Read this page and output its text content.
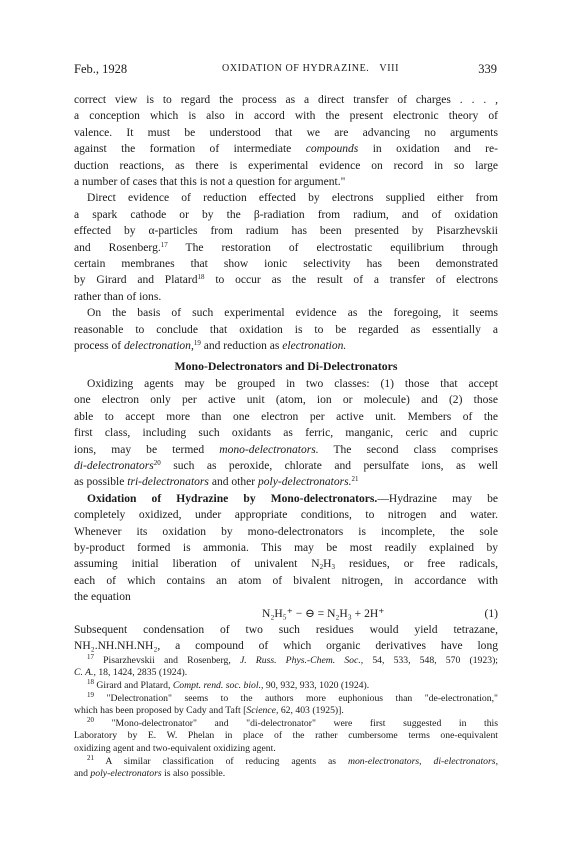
Feb., 1928	OXIDATION OF HYDRAZINE. VIII	339

correct view is to regard the process as a direct transfer of charges . . . ,
a conception which is also in accord with the present electronic theory of
valence. It must be understood that we are advancing no arguments
against the formation of intermediate compounds in oxidation and re-
duction reactions, as there is experimental evidence on record in so large
a number of cases that this is not a question for argument."

Direct evidence of reduction effected by electrons supplied either from
a spark cathode or by the β-radiation from radium, and of oxidation
effected by α-particles from radium has been presented by Pisarzhevskii
and Rosenberg.$^{17}$ The restoration of electrostatic equilibrium through
certain membranes that show ionic selectivity has been demonstrated
by Girard and Platard$^{18}$ to occur as the result of a transfer of electrons
rather than of ions.

On the basis of such experimental evidence as the foregoing, it seems
reasonable to conclude that oxidation is to be regarded as essentially a
process of delectronation,$^{19}$ and reduction as electronation.

Mono-Delectronators and Di-Delectronators

Oxidizing agents may be grouped in two classes: (1) those that accept
one electron only per active unit (atom, ion or molecule) and (2) those
able to accept more than one electron per active unit. Members of the
first class, including such oxidants as ferric, manganic, ceric and cupric
ions, may be termed mono-delectronators. The second class comprises
di-delectronators$^{20}$ such as peroxide, chlorate and persulfate ions, as well
as possible tri-delectronators and other poly-delectronators.$^{21}$

Oxidation of Hydrazine by Mono-delectronators.—Hydrazine may be
completely oxidized, under appropriate conditions, to nitrogen and water.
Whenever its oxidation by mono-delectronators is incomplete, the sole
by-product formed is ammonia. This may be most readily explained by
assuming initial liberation of univalent $N_2H_3$ residues, or free radicals,
each of which contains an atom of bivalent nitrogen, in accordance with
the equation

N₂H₅⁺ − ⊖ = N₂H₃ + 2H⁺	(1)

Subsequent condensation of two such residues would yield tetrazane,
NH₂.NH.NH.NH₂, a compound of which organic derivatives have long

$^{17}$ Pisarzhevskii and Rosenberg, J. Russ. Phys.-Chem. Soc., 54, 533, 548, 570 (1923);
C. A., 18, 1424, 2835 (1924).
$^{18}$ Girard and Platard, Compt. rend. soc. biol., 90, 932, 933, 1020 (1924).
$^{19}$ "Delectronation" seems to the authors more euphonious than "de-electronation,"
which has been proposed by Cady and Taft [Science, 62, 403 (1925)].
$^{20}$ "Mono-delectronator" and "di-delectronator" were first suggested in this
Laboratory by E. W. Phelan in place of the rather cumbersome terms one-equivalent
oxidizing agent and two-equivalent oxidizing agent.
$^{21}$ A similar classification of reducing agents as mon-electronators, di-electronators,
and poly-electronators is also possible.
